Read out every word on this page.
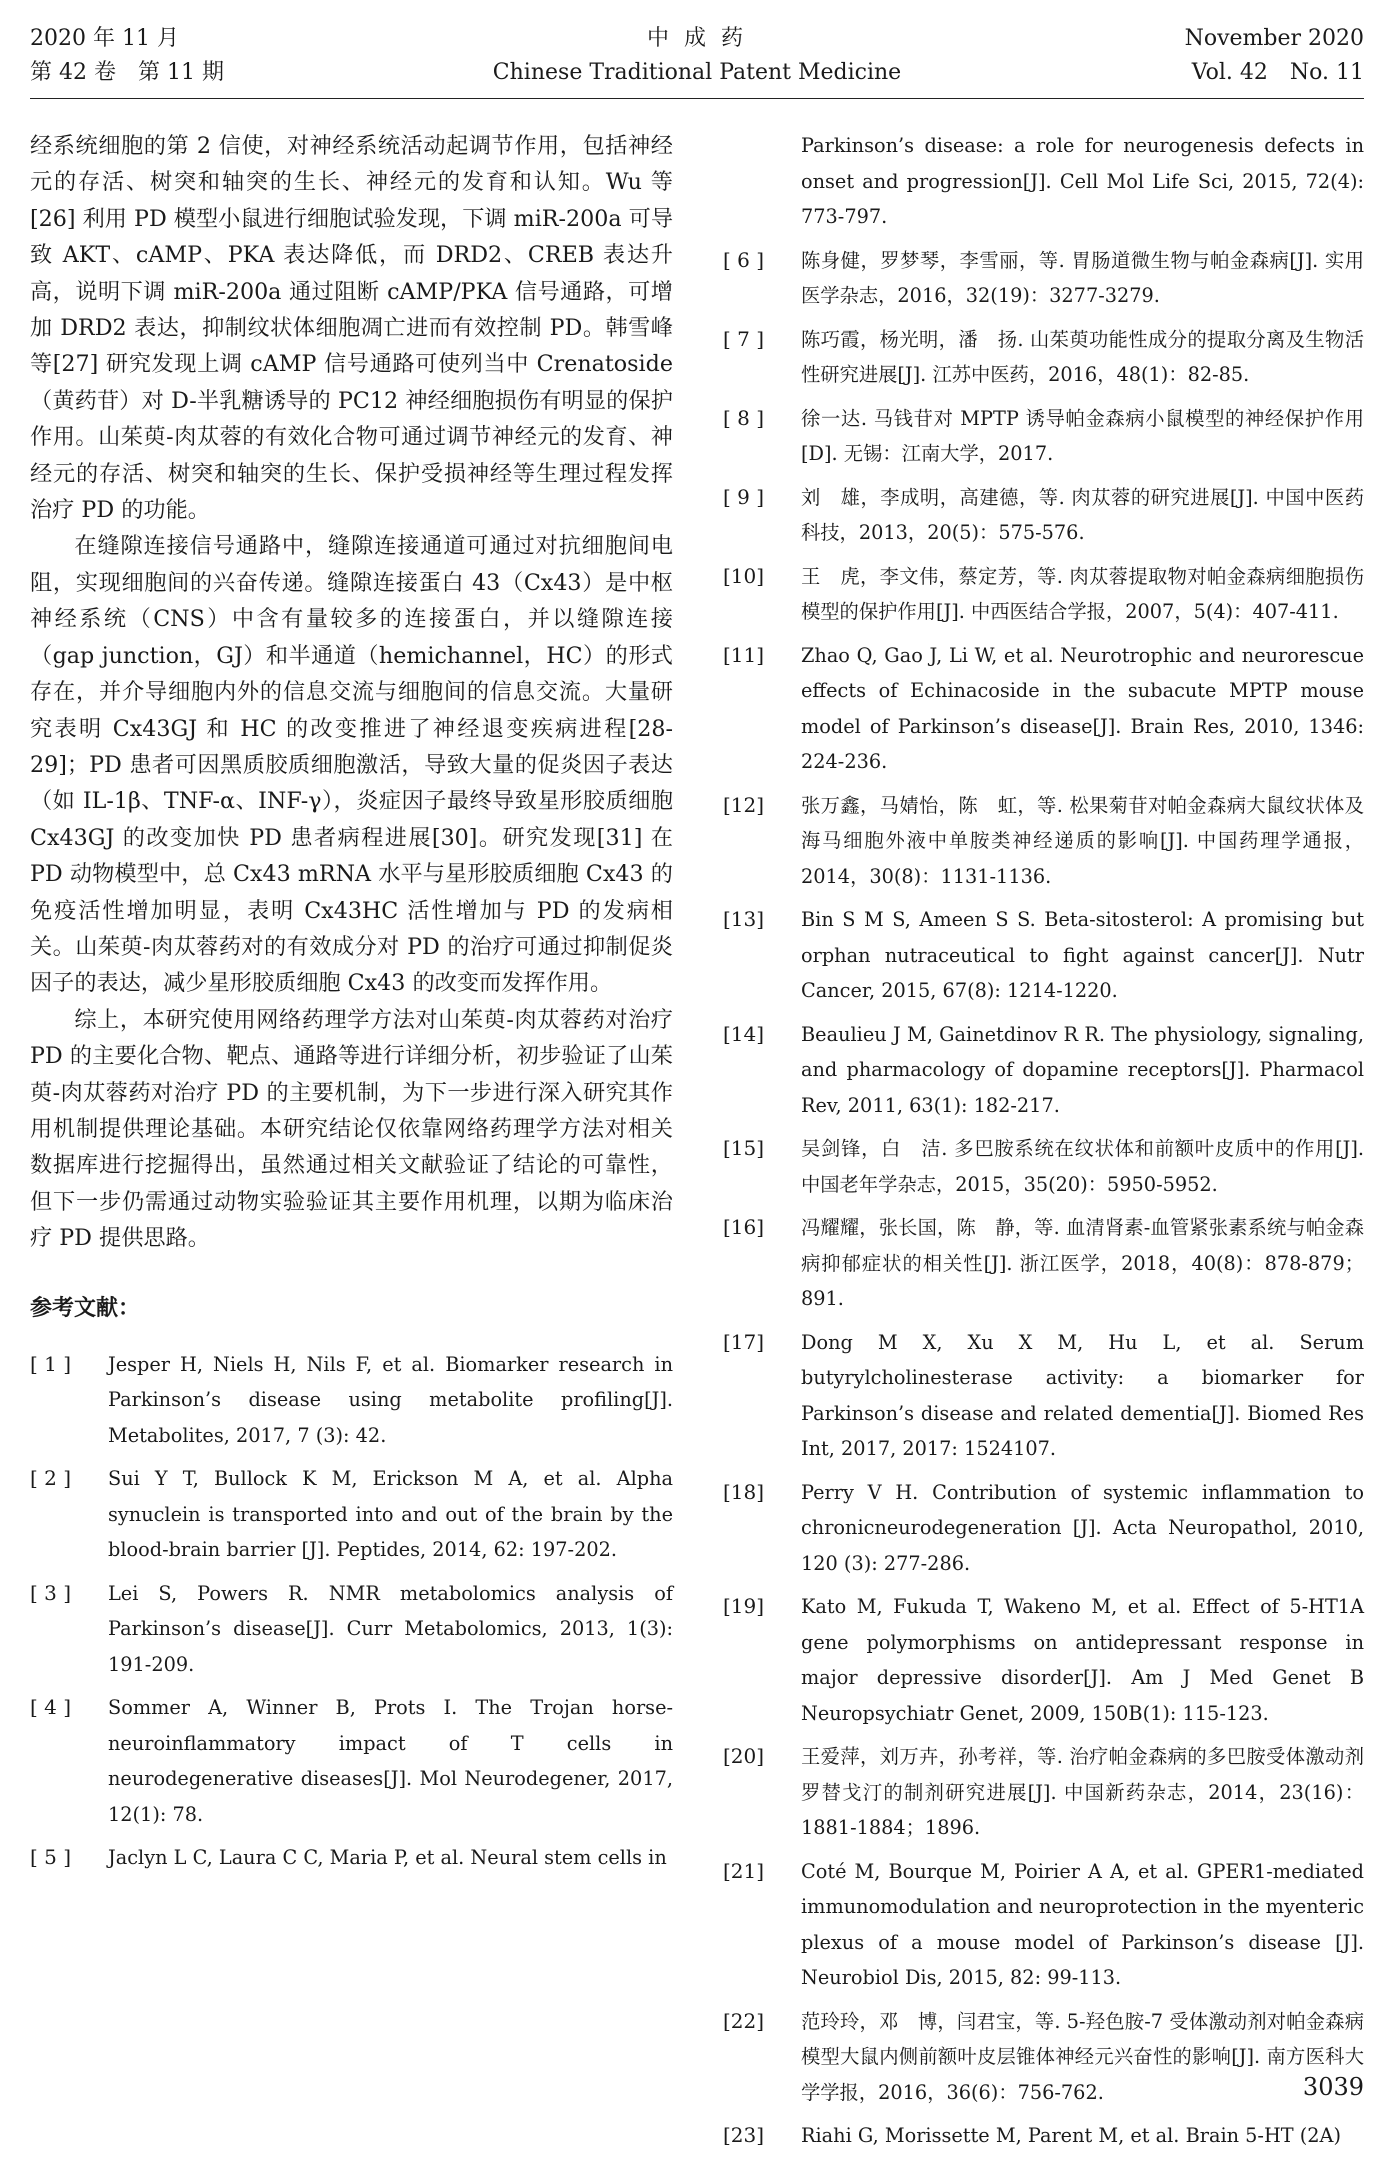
2020 年 11 月
第 42 卷　第 11 期
中 成 药
Chinese Traditional Patent Medicine
November 2020
Vol. 42　No. 11

经系统细胞的第 2 信使，对神经系统活动起调节作用，包括神经元的存活、树突和轴突的生长、神经元的发育和认知。Wu 等[26] 利用 PD 模型小鼠进行细胞试验发现，下调 miR-200a 可导致 AKT、cAMP、PKA 表达降低，而 DRD2、CREB 表达升高，说明下调 miR-200a 通过阻断 cAMP/PKA 信号通路，可增加 DRD2 表达，抑制纹状体细胞凋亡进而有效控制 PD。韩雪峰等[27] 研究发现上调 cAMP 信号通路可使列当中 Crenatoside（黄药苷）对 D-半乳糖诱导的 PC12 神经细胞损伤有明显的保护作用。山茱萸-肉苁蓉的有效化合物可通过调节神经元的发育、神经元的存活、树突和轴突的生长、保护受损神经等生理过程发挥治疗 PD 的功能。

在缝隙连接信号通路中，缝隙连接通道可通过对抗细胞间电阻，实现细胞间的兴奋传递。缝隙连接蛋白 43（Cx43）是中枢神经系统（CNS）中含有量较多的连接蛋白，并以缝隙连接（gap junction，GJ）和半通道（hemichannel，HC）的形式存在，并介导细胞内外的信息交流与细胞间的信息交流。大量研究表明 Cx43GJ 和 HC 的改变推进了神经退变疾病进程[28-29]；PD 患者可因黑质胶质细胞激活，导致大量的促炎因子表达（如 IL-1β、TNF-α、INF-γ），炎症因子最终导致星形胶质细胞 Cx43GJ 的改变加快 PD 患者病程进展[30]。研究发现[31] 在 PD 动物模型中，总 Cx43 mRNA 水平与星形胶质细胞 Cx43 的免疫活性增加明显，表明 Cx43HC 活性增加与 PD 的发病相关。山茱萸-肉苁蓉药对的有效成分对 PD 的治疗可通过抑制促炎因子的表达，减少星形胶质细胞 Cx43 的改变而发挥作用。

综上，本研究使用网络药理学方法对山茱萸-肉苁蓉药对治疗 PD 的主要化合物、靶点、通路等进行详细分析，初步验证了山茱萸-肉苁蓉药对治疗 PD 的主要机制，为下一步进行深入研究其作用机制提供理论基础。本研究结论仅依靠网络药理学方法对相关数据库进行挖掘得出，虽然通过相关文献验证了结论的可靠性，但下一步仍需通过动物实验验证其主要作用机理，以期为临床治疗 PD 提供思路。

参考文献：
[ 1 ] Jesper H, Niels H, Nils F, et al. Biomarker research in Parkinson’s disease using metabolite profiling[J]. Metabolites, 2017, 7 (3): 42.

[ 2 ] Sui Y T, Bullock K M, Erickson M A, et al. Alpha synuclein is transported into and out of the brain by the blood-brain barrier [J]. Peptides, 2014, 62: 197-202.

[ 3 ] Lei S, Powers R. NMR metabolomics analysis of Parkinson’s disease[J]. Curr Metabolomics, 2013, 1(3): 191-209.

[ 4 ] Sommer A, Winner B, Prots I. The Trojan horse-neuroinflammatory impact of T cells in neurodegenerative diseases[J]. Mol Neurodegener, 2017, 12(1): 78.

[ 5 ] Jaclyn L C, Laura C C, Maria P, et al. Neural stem cells in

Parkinson’s disease: a role for neurogenesis defects in onset and progression[J]. Cell Mol Life Sci, 2015, 72(4): 773-797.

[ 6 ] 陈身健，罗梦琴，李雪丽，等. 胃肠道微生物与帕金森病[J]. 实用医学杂志，2016，32(19)：3277-3279.

[ 7 ] 陈巧霞，杨光明，潘　扬. 山茱萸功能性成分的提取分离及生物活性研究进展[J]. 江苏中医药，2016，48(1)：82-85.

[ 8 ] 徐一达. 马钱苷对 MPTP 诱导帕金森病小鼠模型的神经保护作用[D]. 无锡：江南大学，2017.

[ 9 ] 刘　雄，李成明，高建德，等. 肉苁蓉的研究进展[J]. 中国中医药科技，2013，20(5)：575-576.

[10] 王　虎，李文伟，蔡定芳，等. 肉苁蓉提取物对帕金森病细胞损伤模型的保护作用[J]. 中西医结合学报，2007，5(4)：407-411.

[11] Zhao Q, Gao J, Li W, et al. Neurotrophic and neurorescue effects of Echinacoside in the subacute MPTP mouse model of Parkinson’s disease[J]. Brain Res, 2010, 1346: 224-236.

[12] 张万鑫，马婧怡，陈　虹，等. 松果菊苷对帕金森病大鼠纹状体及海马细胞外液中单胺类神经递质的影响[J]. 中国药理学通报，2014，30(8)：1131-1136.

[13] Bin S M S, Ameen S S. Beta-sitosterol: A promising but orphan nutraceutical to fight against cancer[J]. Nutr Cancer, 2015, 67(8): 1214-1220.

[14] Beaulieu J M, Gainetdinov R R. The physiology, signaling, and pharmacology of dopamine receptors[J]. Pharmacol Rev, 2011, 63(1): 182-217.

[15] 吴剑锋，白　洁. 多巴胺系统在纹状体和前额叶皮质中的作用[J]. 中国老年学杂志，2015，35(20)：5950-5952.

[16] 冯耀耀，张长国，陈　静，等. 血清肾素-血管紧张素系统与帕金森病抑郁症状的相关性[J]. 浙江医学，2018，40(8)：878-879；891.

[17] Dong M X, Xu X M, Hu L, et al. Serum butyrylcholinesterase activity: a biomarker for Parkinson’s disease and related dementia[J]. Biomed Res Int, 2017, 2017: 1524107.

[18] Perry V H. Contribution of systemic inflammation to chronicneurodegeneration [J]. Acta Neuropathol, 2010, 120 (3): 277-286.

[19] Kato M, Fukuda T, Wakeno M, et al. Effect of 5-HT1A gene polymorphisms on antidepressant response in major depressive disorder[J]. Am J Med Genet B Neuropsychiatr Genet, 2009, 150B(1): 115-123.

[20] 王爱萍，刘万卉，孙考祥，等. 治疗帕金森病的多巴胺受体激动剂罗替戈汀的制剂研究进展[J]. 中国新药杂志，2014，23(16)：1881-1884；1896.

[21] Coté M, Bourque M, Poirier A A, et al. GPER1-mediated immunomodulation and neuroprotection in the myenteric plexus of a mouse model of Parkinson’s disease [J]. Neurobiol Dis, 2015, 82: 99-113.

[22] 范玲玲，邓　博，闫君宝，等. 5-羟色胺-7 受体激动剂对帕金森病模型大鼠内侧前额叶皮层锥体神经元兴奋性的影响[J]. 南方医科大学学报，2016，36(6)：756-762.

[23] Riahi G, Morissette M, Parent M, et al. Brain 5-HT (2A)

3039
